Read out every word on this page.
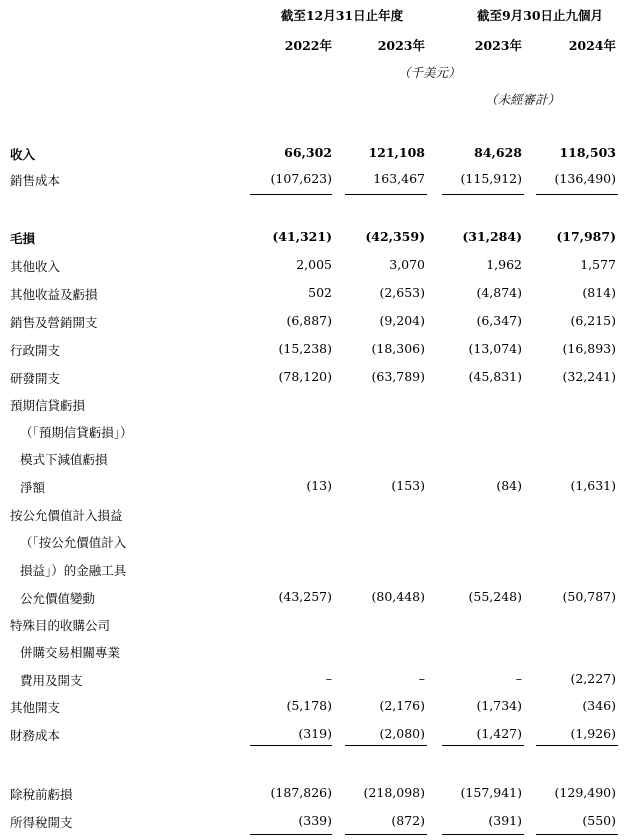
截至12月31日止年度	截至9月30日止九個月
2022年	2023年	2023年	2024年
（千美元）
（未經審計）
收入	66,302	121,108	84,628	118,503
銷售成本	(107,623)	163,467	(115,912)	(136,490)
毛損	(41,321)	(42,359)	(31,284)	(17,987)
其他收入	2,005	3,070	1,962	1,577
其他收益及虧損	502	(2,653)	(4,874)	(814)
銷售及營銷開支	(6,887)	(9,204)	(6,347)	(6,215)
行政開支	(15,238)	(18,306)	(13,074)	(16,893)
研發開支	(78,120)	(63,789)	(45,831)	(32,241)
預期信貸虧損
（「預期信貸虧損」）
模式下減值虧損
淨額	(13)	(153)	(84)	(1,631)
按公允價值計入損益
（「按公允價值計入
損益」）的金融工具
公允價值變動	(43,257)	(80,448)	(55,248)	(50,787)
特殊目的收購公司
併購交易相關專業
費用及開支	–	–	–	(2,227)
其他開支	(5,178)	(2,176)	(1,734)	(346)
財務成本	(319)	(2,080)	(1,427)	(1,926)
除稅前虧損	(187,826)	(218,098)	(157,941)	(129,490)
所得稅開支	(339)	(872)	(391)	(550)
